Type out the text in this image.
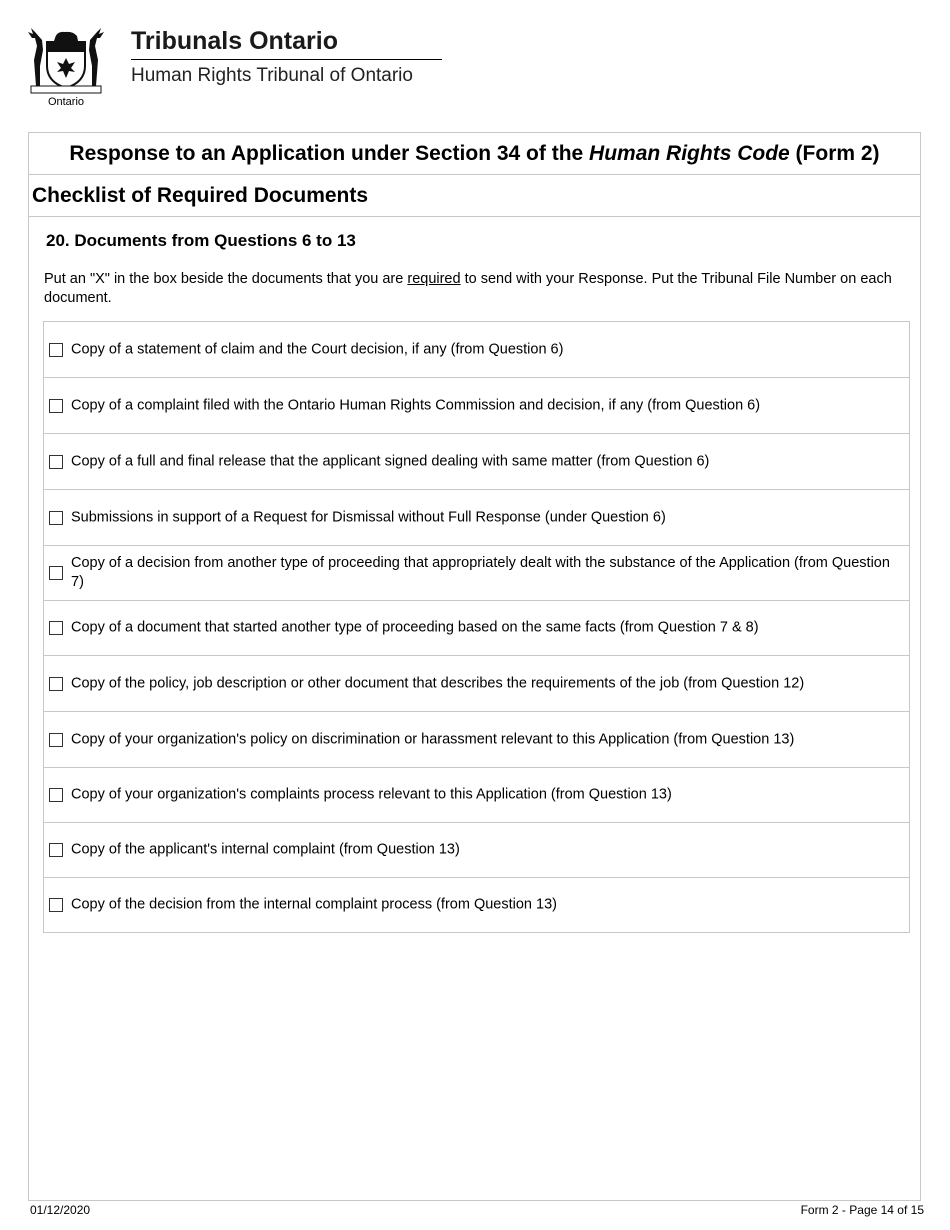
Ontario
Tribunals Ontario
Human Rights Tribunal of Ontario
Response to an Application under Section 34 of the Human Rights Code (Form 2)
Checklist of Required Documents
20. Documents from Questions 6 to 13
Put an "X" in the box beside the documents that you are required to send with your Response. Put the Tribunal File Number on each document.
Copy of a statement of claim and the Court decision, if any (from Question 6)
Copy of a complaint filed with the Ontario Human Rights Commission and decision, if any (from Question 6)
Copy of a full and final release that the applicant signed dealing with same matter (from Question 6)
Submissions in support of a Request for Dismissal without Full Response (under Question 6)
Copy of a decision from another type of proceeding that appropriately dealt with the substance of the Application (from Question 7)
Copy of a document that started another type of proceeding based on the same facts (from Question 7 & 8)
Copy of the policy, job description or other document that describes the requirements of the job (from Question 12)
Copy of your organization's policy on discrimination or harassment relevant to this Application (from Question 13)
Copy of your organization's complaints process relevant to this Application (from Question 13)
Copy of the applicant's internal complaint (from Question 13)
Copy of the decision from the internal complaint process (from Question 13)
01/12/2020	Form 2 - Page 14 of 15
